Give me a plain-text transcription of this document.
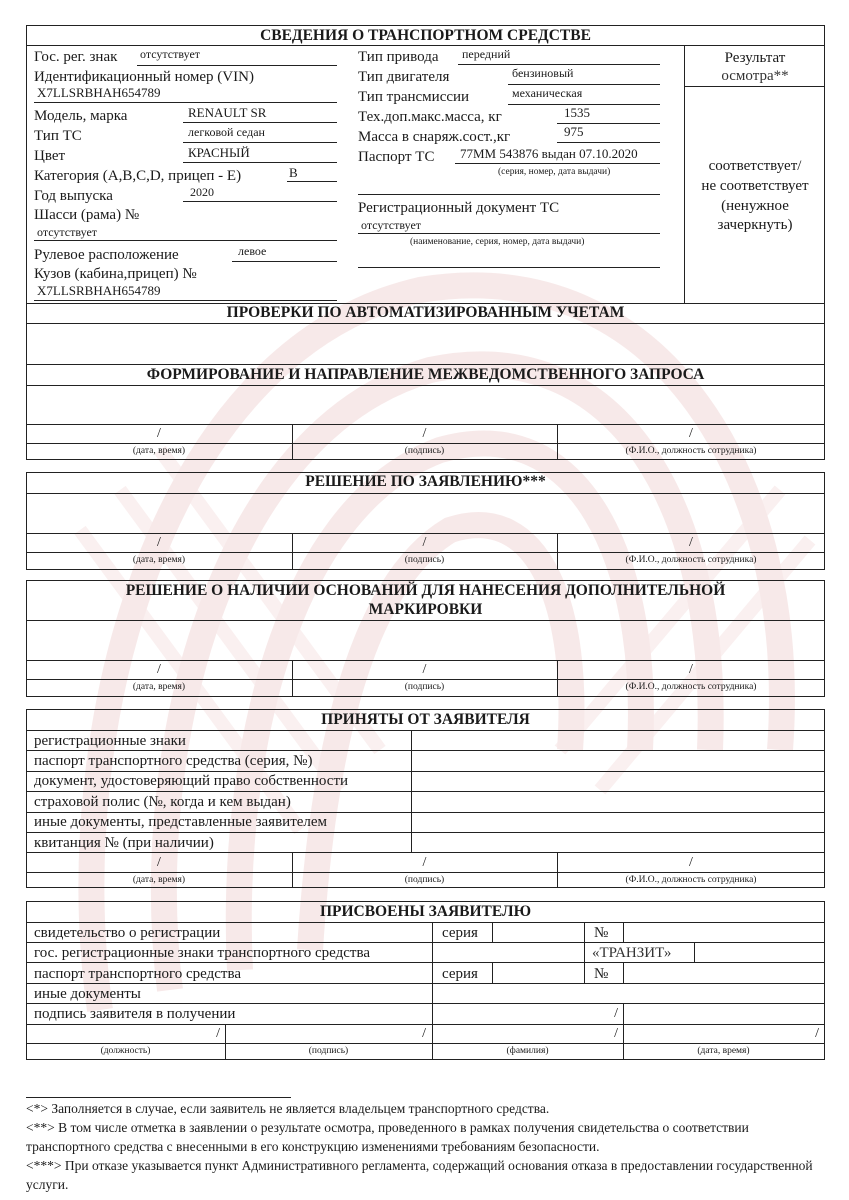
СВЕДЕНИЯ О ТРАНСПОРТНОМ СРЕДСТВЕ
Гос. рег. знак отсутствует
Идентификационный номер (VIN)
X7LLSRBHAH654789
Модель, марка	RENAULT SR
Тип ТС	легковой седан
Цвет	КРАСНЫЙ
Категория (A,B,C,D, прицеп - E)	B
Год выпуска	2020
Шасси (рама) №
отсутствует
Рулевое расположение	левое
Кузов (кабина,прицеп) №
X7LLSRBHAH654789
Тип привода передний
Тип двигателя	бензиновый
Тип трансмиссии	механическая
Тех.доп.макс.масса, кг	1535
Масса в снаряж.сост.,кг	975
Паспорт ТС 77ММ 543876 выдан 07.10.2020
(серия, номер, дата выдачи)
Регистрационный документ ТС
отсутствует
(наименование, серия, номер, дата выдачи)
Результат
осмотра**
соответствует/
не соответствует
(ненужное
зачеркнуть)
ПРОВЕРКИ ПО АВТОМАТИЗИРОВАННЫМ УЧЕТАМ
ФОРМИРОВАНИЕ И НАПРАВЛЕНИЕ МЕЖВЕДОМСТВЕННОГО ЗАПРОСА
/	/	/
(дата, время)	(подпись)	(Ф.И.О., должность сотрудника)
РЕШЕНИЕ ПО ЗАЯВЛЕНИЮ***
/	/	/
(дата, время)	(подпись)	(Ф.И.О., должность сотрудника)
РЕШЕНИЕ О НАЛИЧИИ ОСНОВАНИЙ ДЛЯ НАНЕСЕНИЯ ДОПОЛНИТЕЛЬНОЙ
МАРКИРОВКИ
/	/	/
(дата, время)	(подпись)	(Ф.И.О., должность сотрудника)
ПРИНЯТЫ ОТ ЗАЯВИТЕЛЯ
регистрационные знаки
паспорт транспортного средства (серия, №)
документ, удостоверяющий право собственности
страховой полис (№, когда и кем выдан)
иные документы, представленные заявителем
квитанция № (при наличии)
/	/	/
(дата, время)	(подпись)	(Ф.И.О., должность сотрудника)
ПРИСВОЕНЫ ЗАЯВИТЕЛЮ
свидетельство о регистрации	серия	№
гос. регистрационные знаки транспортного средства	«ТРАНЗИТ»
паспорт транспортного средства	серия	№
иные документы
подпись заявителя в получении	/
/	/	/	/
(должность)	(подпись)	(фамилия)	(дата, время)
<*> Заполняется в случае, если заявитель не является владельцем транспортного средства.
<**> В том числе отметка в заявлении о результате осмотра, проведенного в рамках получения свидетельства о соответствии транспортного средства с внесенными в его конструкцию изменениями требованиям безопасности.
<***> При отказе указывается пункт Административного регламента, содержащий основания отказа в предоставлении государственной услуги.
